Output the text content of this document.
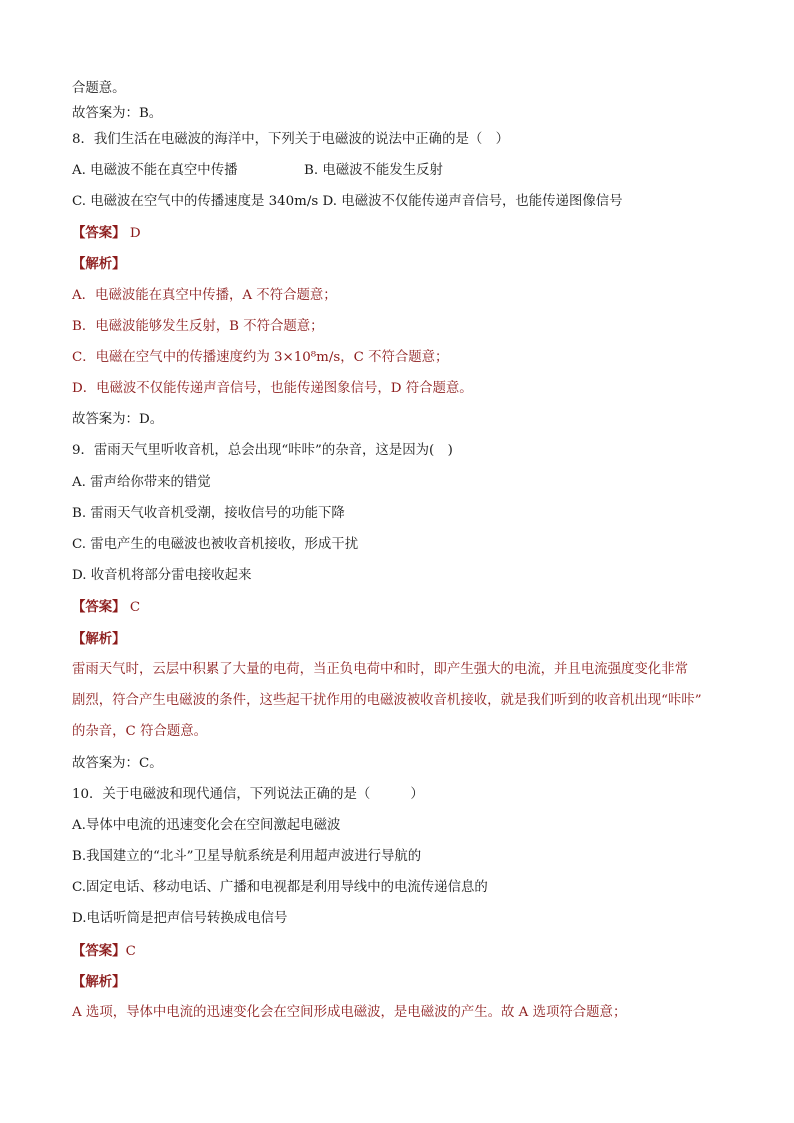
合题意。
故答案为：B。
8．我们生活在电磁波的海洋中，下列关于电磁波的说法中正确的是（　）
A. 电磁波不能在真空中传播	B. 电磁波不能发生反射
C. 电磁波在空气中的传播速度是 340m/s D. 电磁波不仅能传递声音信号，也能传递图像信号
【答案】 D
【解析】
A．电磁波能在真空中传播，A 不符合题意；
B．电磁波能够发生反射，B 不符合题意；
C．电磁在空气中的传播速度约为 3×10⁸m/s，C 不符合题意；
D．电磁波不仅能传递声音信号，也能传递图象信号，D 符合题意。
故答案为：D。
9．雷雨天气里听收音机，总会出现“咔咔”的杂音，这是因为(　)
A. 雷声给你带来的错觉
B. 雷雨天气收音机受潮，接收信号的功能下降
C. 雷电产生的电磁波也被收音机接收，形成干扰
D. 收音机将部分雷电接收起来
【答案】 C
【解析】
雷雨天气时，云层中积累了大量的电荷，当正负电荷中和时，即产生强大的电流，并且电流强度变化非常
剧烈，符合产生电磁波的条件，这些起干扰作用的电磁波被收音机接收，就是我们听到的收音机出现“咔咔”
的杂音，C 符合题意。
故答案为：C。
10．关于电磁波和现代通信，下列说法正确的是（　　　）
A.导体中电流的迅速变化会在空间激起电磁波
B.我国建立的“北斗”卫星导航系统是利用超声波进行导航的
C.固定电话、移动电话、广播和电视都是利用导线中的电流传递信息的
D.电话听筒是把声信号转换成电信号
【答案】C
【解析】
A 选项，导体中电流的迅速变化会在空间形成电磁波，是电磁波的产生。故 A 选项符合题意；
